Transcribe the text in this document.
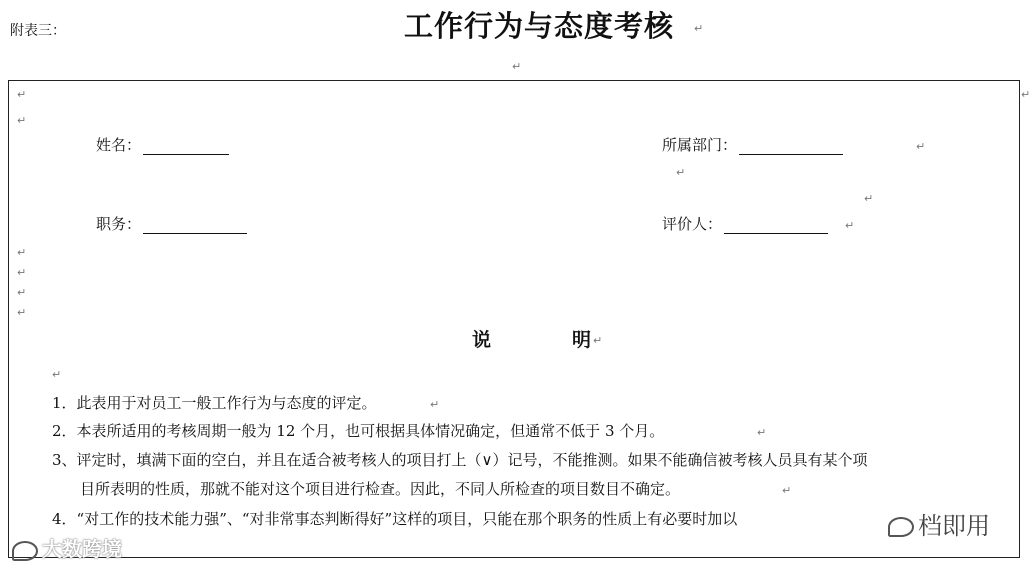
附表三：	工作行为与态度考核 ↵
↵
↵
↵
↵
姓名：	所属部门：	↵
↵
↵
职务：	评价人：	↵
↵
↵
↵
↵
说	明 ↵
↵
1．此表用于对员工一般工作行为与态度的评定。	↵
2．本表所适用的考核周期一般为 12 个月，也可根据具体情况确定，但通常不低于 3 个月。	↵
3、评定时，填满下面的空白，并且在适合被考核人的项目打上（∨）记号，不能推测。如果不能确信被考核人员具有某个项
目所表明的性质，那就不能对这个项目进行检查。因此，不同人所检查的项目数目不确定。	↵
4．“对工作的技术能力强”、“对非常事态判断得好”这样的项目，只能在那个职务的性质上有必要时加以
大数跨境
档即用
